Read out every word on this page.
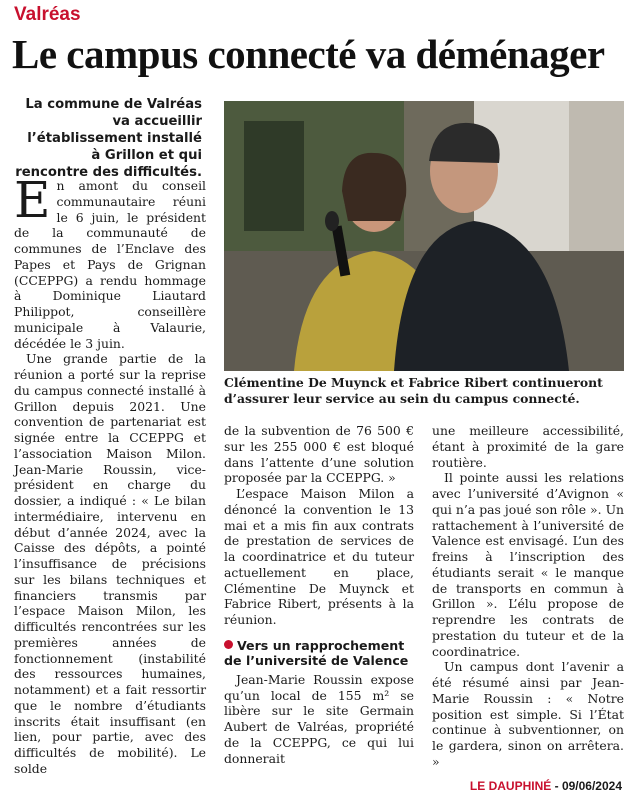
Valréas
Le campus connecté va déménager
La commune de Valréas va accueillir l’établissement installé à Grillon et qui rencontre des difficultés.
Clémentine De Muynck et Fabrice Ribert continueront d’assurer leur service au sein du campus connecté.

En amont du conseil communautaire réuni le 6 juin, le président de la communauté de communes de l’Enclave des Papes et Pays de Grignan (CCEPPG) a rendu hommage à Dominique Liautard Philippot, conseillère municipale à Valaurie, décédée le 3 juin.

Une grande partie de la réunion a porté sur la reprise du campus connecté installé à Grillon depuis 2021. Une convention de partenariat est signée entre la CCEPPG et l’association Maison Milon. Jean-Marie Roussin, vice-président en charge du dossier, a indiqué : « Le bilan intermédiaire, intervenu en début d’année 2024, avec la Caisse des dépôts, a pointé l’insuffisance de précisions sur les bilans techniques et financiers transmis par l’espace Maison Milon, les difficultés rencontrées sur les premières années de fonctionnement (instabilité des ressources humaines, notamment) et a fait ressortir que le nombre d’étudiants inscrits était insuffisant (en lien, pour partie, avec des difficultés de mobilité). Le solde

de la subvention de 76 500 € sur les 255 000 € est bloqué dans l’attente d’une solution proposée par la CCEPPG. »

L’espace Maison Milon a dénoncé la convention le 13 mai et a mis fin aux contrats de prestation de services de la coordinatrice et du tuteur actuellement en place, Clémentine De Muynck et Fabrice Ribert, présents à la réunion.

Vers un rapprochement de l’université de Valence

Jean-Marie Roussin expose qu’un local de 155 m² se libère sur le site Germain Aubert de Valréas, propriété de la CCEPPG, ce qui lui donnerait

une meilleure accessibilité, étant à proximité de la gare routière.

Il pointe aussi les relations avec l’université d’Avignon « qui n’a pas joué son rôle ». Un rattachement à l’université de Valence est envisagé. L’un des freins à l’inscription des étudiants serait « le manque de transports en commun à Grillon ». L’élu propose de reprendre les contrats de prestation du tuteur et de la coordinatrice.

Un campus dont l’avenir a été résumé ainsi par Jean-Marie Roussin : « Notre position est simple. Si l’État continue à subventionner, on le gardera, sinon on arrêtera. »

LE DAUPHINÉ - 09/06/2024
